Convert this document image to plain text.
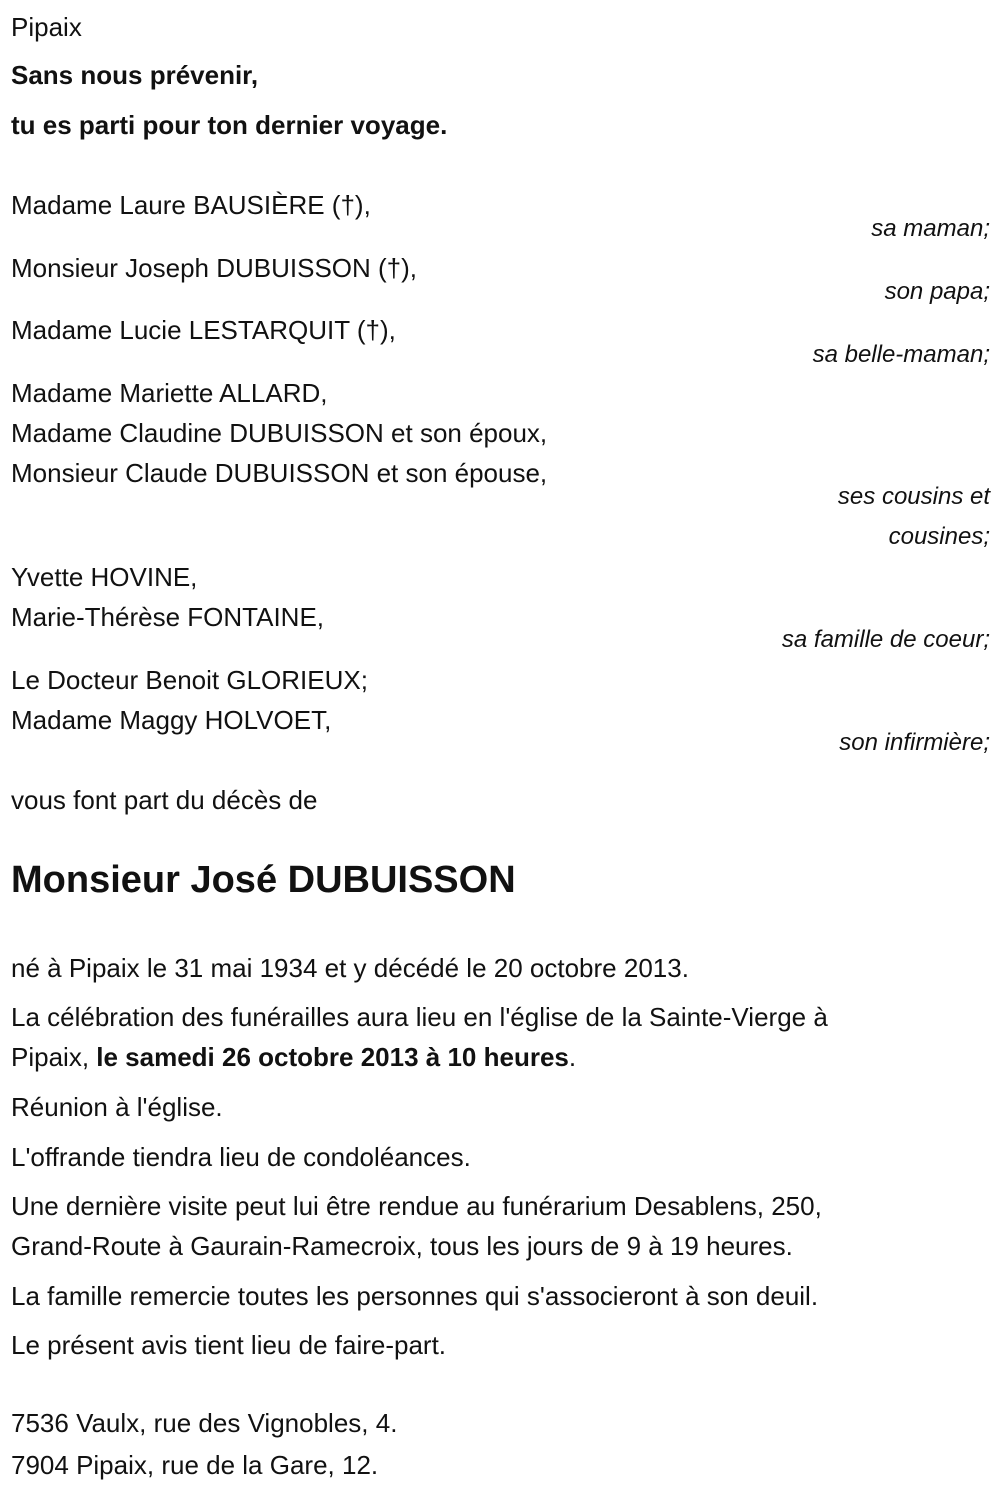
Pipaix
Sans nous prévenir,
tu es parti pour ton dernier voyage.
Madame Laure BAUSIÈRE (†),
sa maman;
Monsieur Joseph DUBUISSON (†),
son papa;
Madame Lucie LESTARQUIT (†),
sa belle-maman;
Madame Mariette ALLARD,
Madame Claudine DUBUISSON et son époux,
Monsieur Claude DUBUISSON et son épouse,
ses cousins et
cousines;
Yvette HOVINE,
Marie-Thérèse FONTAINE,
sa famille de coeur;
Le Docteur Benoit GLORIEUX;
Madame Maggy HOLVOET,
son infirmière;
vous font part du décès de
Monsieur José DUBUISSON
né à Pipaix le 31 mai 1934 et y décédé le 20 octobre 2013.
La célébration des funérailles aura lieu en l'église de la Sainte-Vierge à
Pipaix, le samedi 26 octobre 2013 à 10 heures.
Réunion à l'église.
L'offrande tiendra lieu de condoléances.
Une dernière visite peut lui être rendue au funérarium Desablens, 250,
Grand-Route à Gaurain-Ramecroix, tous les jours de 9 à 19 heures.
La famille remercie toutes les personnes qui s'associeront à son deuil.
Le présent avis tient lieu de faire-part.
7536 Vaulx, rue des Vignobles, 4.
7904 Pipaix, rue de la Gare, 12.
